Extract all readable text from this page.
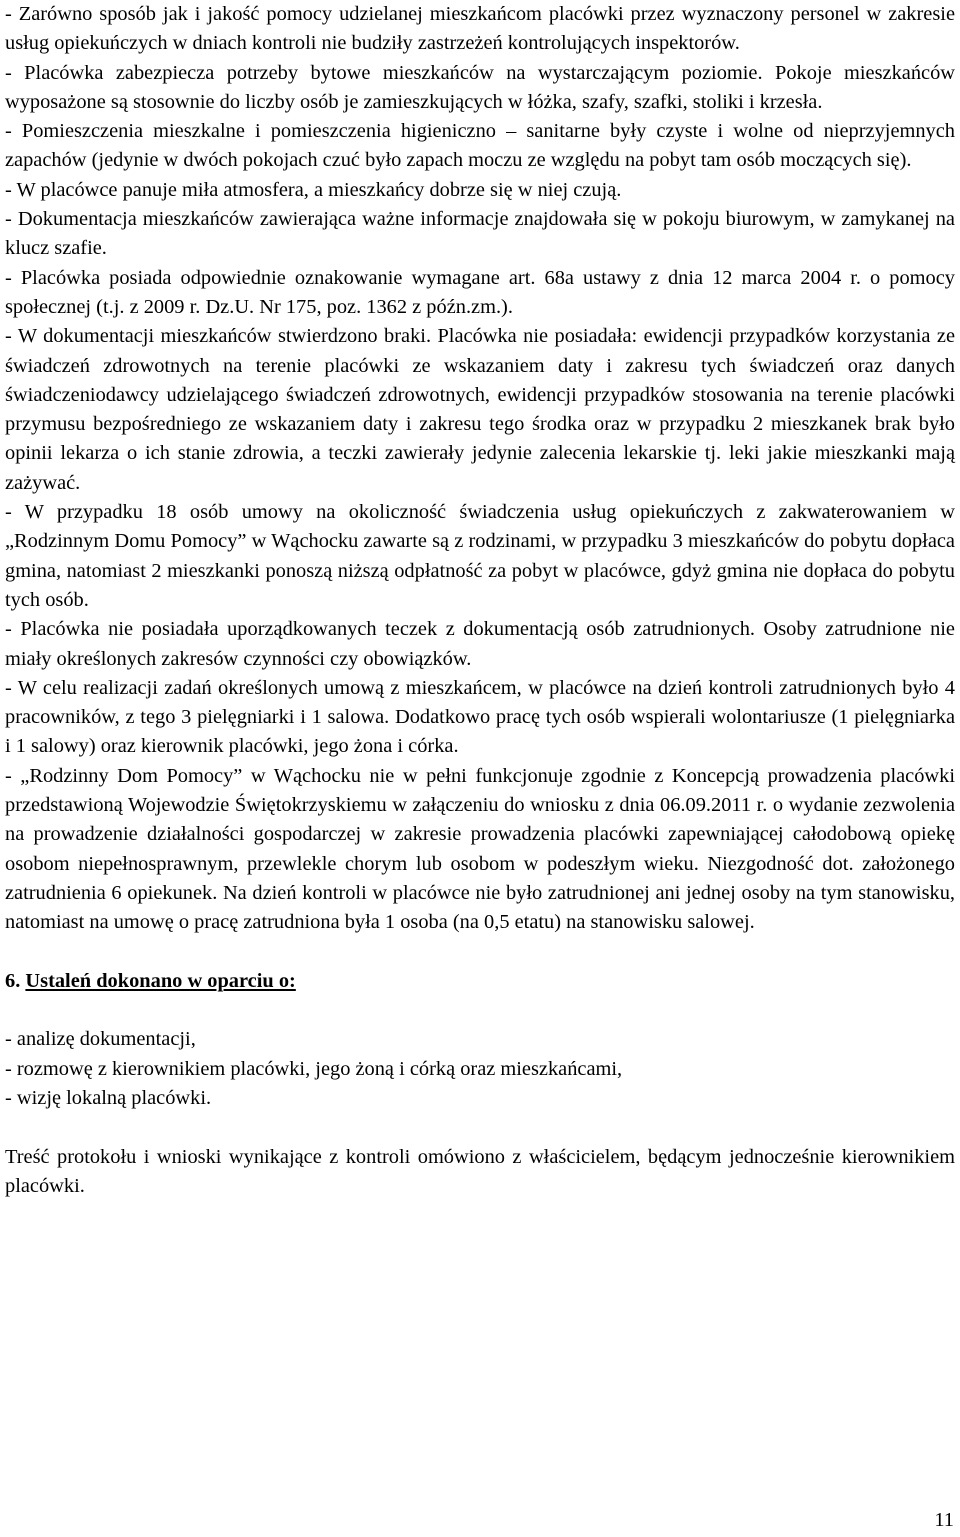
- Zarówno sposób jak i jakość pomocy udzielanej mieszkańcom placówki przez wyznaczony personel w zakresie usług opiekuńczych w dniach kontroli nie budziły zastrzeżeń kontrolujących inspektorów.

- Placówka zabezpiecza potrzeby bytowe mieszkańców na wystarczającym poziomie. Pokoje mieszkańców wyposażone są stosownie do liczby osób je zamieszkujących w łóżka, szafy, szafki, stoliki i krzesła.

- Pomieszczenia mieszkalne i pomieszczenia higieniczno – sanitarne były czyste i wolne od nieprzyjemnych zapachów (jedynie w dwóch pokojach czuć było zapach moczu ze względu na pobyt tam osób moczących się).

- W placówce panuje miła atmosfera, a mieszkańcy dobrze się w niej czują.

- Dokumentacja mieszkańców zawierająca ważne informacje znajdowała się w pokoju biurowym, w zamykanej na klucz szafie.

- Placówka posiada odpowiednie oznakowanie wymagane art. 68a ustawy z dnia 12 marca 2004 r. o pomocy społecznej (t.j. z 2009 r. Dz.U. Nr 175, poz. 1362 z późn.zm.).

- W dokumentacji mieszkańców stwierdzono braki. Placówka nie posiadała: ewidencji przypadków korzystania ze świadczeń zdrowotnych na terenie placówki ze wskazaniem daty i zakresu tych świadczeń oraz danych świadczeniodawcy udzielającego świadczeń zdrowotnych, ewidencji przypadków stosowania na terenie placówki przymusu bezpośredniego ze wskazaniem daty i zakresu tego środka oraz w przypadku 2 mieszkanek brak było opinii lekarza o ich stanie zdrowia, a teczki zawierały jedynie zalecenia lekarskie tj. leki jakie mieszkanki mają zażywać.

- W przypadku 18 osób umowy na okoliczność świadczenia usług opiekuńczych z zakwaterowaniem w „Rodzinnym Domu Pomocy” w Wąchocku zawarte są z rodzinami, w przypadku 3 mieszkańców do pobytu dopłaca gmina, natomiast 2 mieszkanki ponoszą niższą odpłatność za pobyt w placówce, gdyż gmina nie dopłaca do pobytu tych osób.

- Placówka nie posiadała uporządkowanych teczek z dokumentacją osób zatrudnionych. Osoby zatrudnione nie miały określonych zakresów czynności czy obowiązków.

- W celu realizacji zadań określonych umową z mieszkańcem, w placówce na dzień kontroli zatrudnionych było 4 pracowników, z tego 3 pielęgniarki i 1 salowa. Dodatkowo pracę tych osób wspierali wolontariusze (1 pielęgniarka i 1 salowy) oraz kierownik placówki, jego żona i córka.

- „Rodzinny Dom Pomocy” w Wąchocku nie w pełni funkcjonuje zgodnie z Koncepcją prowadzenia placówki przedstawioną Wojewodzie Świętokrzyskiemu w załączeniu do wniosku z dnia 06.09.2011 r. o wydanie zezwolenia na prowadzenie działalności gospodarczej w zakresie prowadzenia placówki zapewniającej całodobową opiekę osobom niepełnosprawnym, przewlekle chorym lub osobom w podeszłym wieku. Niezgodność dot. założonego zatrudnienia 6 opiekunek. Na dzień kontroli w placówce nie było zatrudnionej ani jednej osoby na tym stanowisku, natomiast na umowę o pracę zatrudniona była 1 osoba (na 0,5 etatu) na stanowisku salowej.

6. Ustaleń dokonano w oparciu o:

- analizę dokumentacji,

- rozmowę z kierownikiem placówki, jego żoną i córką oraz mieszkańcami,

- wizję lokalną placówki.

Treść protokołu i wnioski wynikające z kontroli omówiono z właścicielem, będącym jednocześnie kierownikiem placówki.

11
